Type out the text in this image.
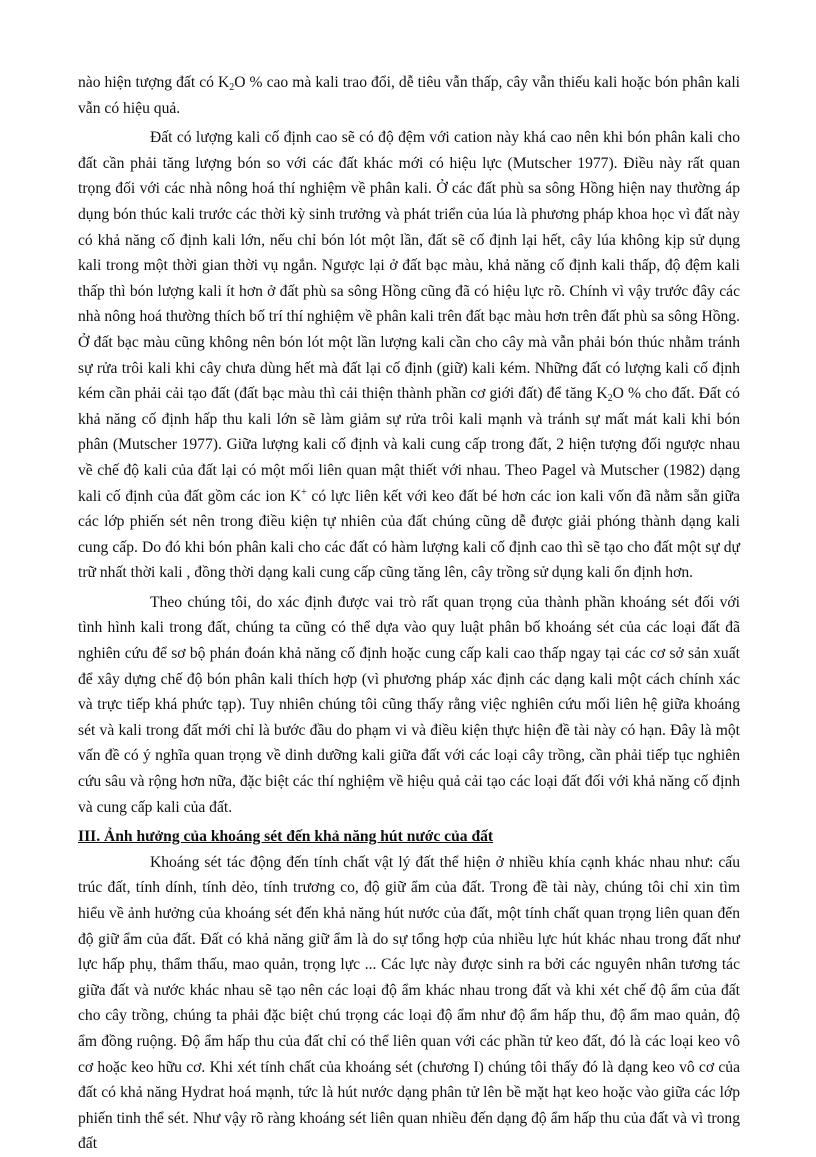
nào hiện tượng đất có $K_2O$ % cao mà kali trao đổi, dễ tiêu vẫn thấp, cây vẫn thiếu kali hoặc bón phân kali vẫn có hiệu quả.

Đất có lượng kali cố định cao sẽ có độ đệm với cation này khá cao nên khi bón phân kali cho đất cần phải tăng lượng bón so với các đất khác mới có hiệu lực (Mutscher 1977). Điều này rất quan trọng đối với các nhà nông hoá thí nghiệm về phân kali. Ở các đất phù sa sông Hồng hiện nay thường áp dụng bón thúc kali trước các thời kỳ sinh trưởng và phát triển của lúa là phương pháp khoa học vì đất này có khả năng cố định kali lớn, nếu chỉ bón lót một lần, đất sẽ cố định lại hết, cây lúa không kịp sử dụng kali trong một thời gian thời vụ ngắn. Ngược lại ở đất bạc màu, khả năng cố định kali thấp, độ đệm kali thấp thì bón lượng kali ít hơn ở đất phù sa sông Hồng cũng đã có hiệu lực rõ. Chính vì vậy trước đây các nhà nông hoá thường thích bố trí thí nghiệm về phân kali trên đất bạc màu hơn trên đất phù sa sông Hồng. Ở đất bạc màu cũng không nên bón lót một lần lượng kali cần cho cây mà vẫn phải bón thúc nhằm tránh sự rửa trôi kali khi cây chưa dùng hết mà đất lại cố định (giữ) kali kém. Những đất có lượng kali cố định kém cần phải cải tạo đất (đất bạc màu thì cải thiện thành phần cơ giới đất) để tăng $K_2O$ % cho đất. Đất có khả năng cố định hấp thu kali lớn sẽ làm giảm sự rửa trôi kali mạnh và tránh sự mất mát kali khi bón phân (Mutscher 1977). Giữa lượng kali cố định và kali cung cấp trong đất, 2 hiện tượng đối ngược nhau về chế độ kali của đất lại có một mối liên quan mật thiết với nhau. Theo Pagel và Mutscher (1982) dạng kali cố định của đất gồm các ion K+ có lực liên kết với keo đất bé hơn các ion kali vốn đã nằm sẵn giữa các lớp phiến sét nên trong điều kiện tự nhiên của đất chúng cũng dễ được giải phóng thành dạng kali cung cấp. Do đó khi bón phân kali cho các đất có hàm lượng kali cố định cao thì sẽ tạo cho đất một sự dự trữ nhất thời kali , đồng thời dạng kali cung cấp cũng tăng lên, cây trồng sử dụng kali ổn định hơn.

Theo chúng tôi, do xác định được vai trò rất quan trọng của thành phần khoáng sét đối với tình hình kali trong đất, chúng ta cũng có thể dựa vào quy luật phân bố khoáng sét của các loại đất đã nghiên cứu để sơ bộ phán đoán khả năng cố định hoặc cung cấp kali cao thấp ngay tại các cơ sở sản xuất để xây dựng chế độ bón phân kali thích hợp (vì phương pháp xác định các dạng kali một cách chính xác và trực tiếp khá phức tạp). Tuy nhiên chúng tôi cũng thấy rằng việc nghiên cứu mối liên hệ giữa khoáng sét và kali trong đất mới chỉ là bước đầu do phạm vi và điều kiện thực hiện đề tài này có hạn. Đây là một vấn đề có ý nghĩa quan trọng về dinh dưỡng kali giữa đất với các loại cây trồng, cần phải tiếp tục nghiên cứu sâu và rộng hơn nữa, đặc biệt các thí nghiệm về hiệu quả cải tạo các loại đất đối với khả năng cố định và cung cấp kali của đất.

III. Ảnh hưởng của khoáng sét đến khả năng hút nước của đất

Khoáng sét tác động đến tính chất vật lý đất thể hiện ở nhiều khía cạnh khác nhau như: cấu trúc đất, tính dính, tính dẻo, tính trương co, độ giữ ẩm của đất. Trong đề tài này, chúng tôi chỉ xin tìm hiểu về ảnh hưởng của khoáng sét đến khả năng hút nước của đất, một tính chất quan trọng liên quan đến độ giữ ẩm của đất. Đất có khả năng giữ ẩm là do sự tổng hợp của nhiều lực hút khác nhau trong đất như lực hấp phụ, thẩm thấu, mao quản, trọng lực ... Các lực này được sinh ra bởi các nguyên nhân tương tác giữa đất và nước khác nhau sẽ tạo nên các loại độ ẩm khác nhau trong đất và khi xét chế độ ẩm của đất cho cây trồng, chúng ta phải đặc biệt chú trọng các loại độ ẩm như độ ẩm hấp thu, độ ẩm mao quản, độ ẩm đồng ruộng. Độ ẩm hấp thu của đất chỉ có thể liên quan với các phần tử keo đất, đó là các loại keo vô cơ hoặc keo hữu cơ. Khi xét tính chất của khoáng sét (chương I) chúng tôi thấy đó là dạng keo vô cơ của đất có khả năng Hydrat hoá mạnh, tức là hút nước dạng phân tử lên bề mặt hạt keo hoặc vào giữa các lớp phiến tinh thể sét. Như vậy rõ ràng khoáng sét liên quan nhiều đến dạng độ ẩm hấp thu của đất và vì trong đất
